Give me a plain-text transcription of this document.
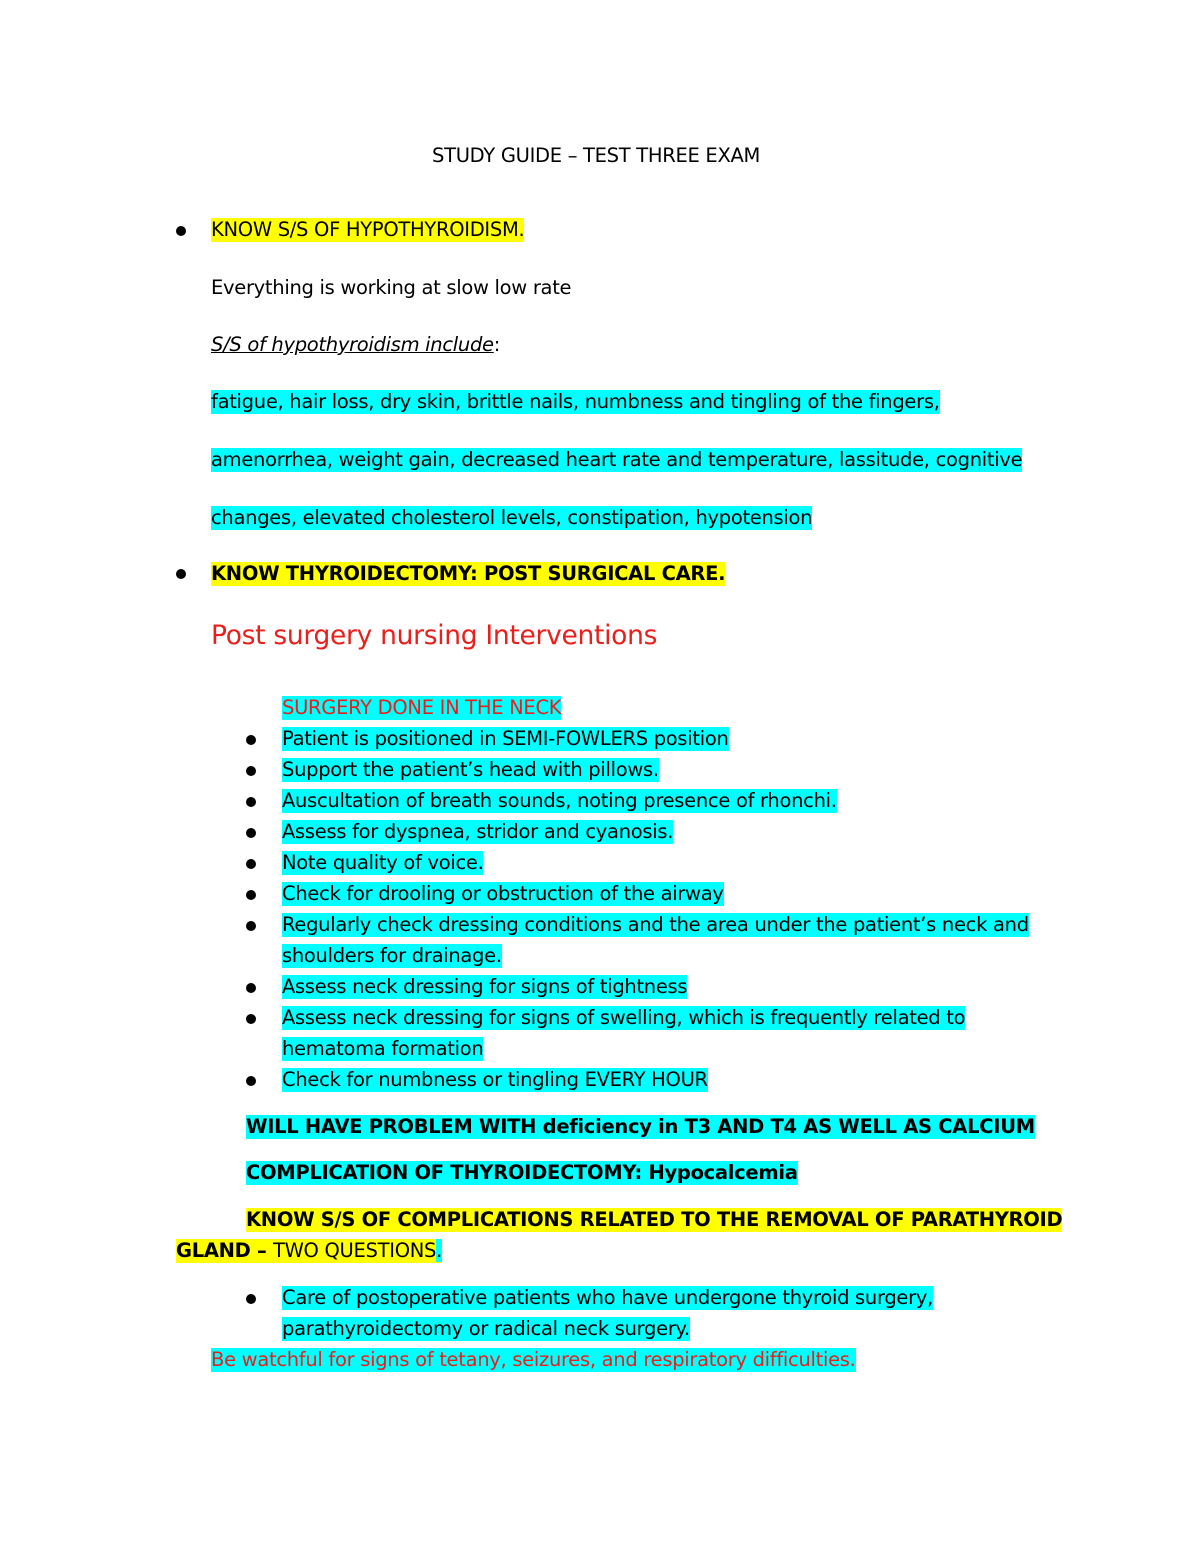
STUDY GUIDE – TEST THREE EXAM
KNOW S/S OF HYPOTHYROIDISM.
Everything is working at slow low rate
S/S of hypothyroidism include:
fatigue, hair loss, dry skin, brittle nails, numbness and tingling of the fingers,
amenorrhea, weight gain, decreased heart rate and temperature, lassitude, cognitive
changes, elevated cholesterol levels, constipation, hypotension
KNOW THYROIDECTOMY: POST SURGICAL CARE.
Post surgery nursing Interventions
SURGERY DONE IN THE NECK
Patient is positioned in SEMI-FOWLERS position
Support the patient’s head with pillows.
Auscultation of breath sounds, noting presence of rhonchi.
Assess for dyspnea, stridor and cyanosis.
Note quality of voice.
Check for drooling or obstruction of the airway
Regularly check dressing conditions and the area under the patient’s neck and
shoulders for drainage.
Assess neck dressing for signs of tightness
Assess neck dressing for signs of swelling, which is frequently related to
hematoma formation
Check for numbness or tingling EVERY HOUR
WILL HAVE PROBLEM WITH deficiency in T3 AND T4 AS WELL AS CALCIUM
COMPLICATION OF THYROIDECTOMY: Hypocalcemia
KNOW S/S OF COMPLICATIONS RELATED TO THE REMOVAL OF PARATHYROID
GLAND – TWO QUESTIONS.
Care of postoperative patients who have undergone thyroid surgery,
parathyroidectomy or radical neck surgery.
Be watchful for signs of tetany, seizures, and respiratory difficulties.
